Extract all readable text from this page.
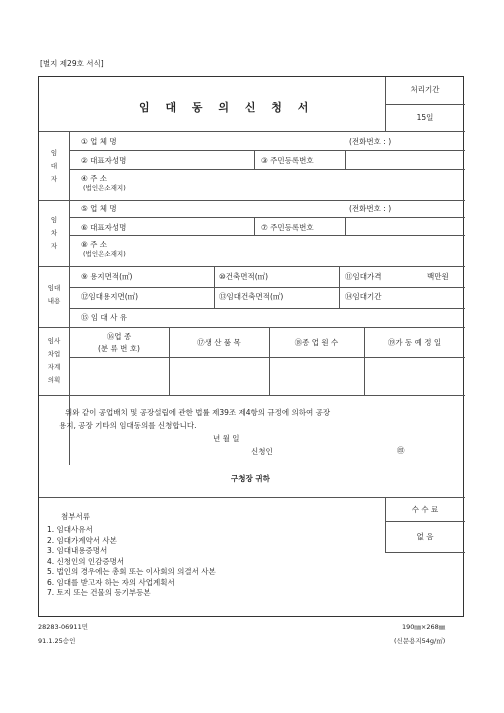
[별지 제29호 서식]
임 대 동 의 신 청 서
처리기간
15일
임
대
자
① 업 체 명	(전화번호 : )
② 대표자성명	③ 주민등록번호
④ 주 소
(법인은소재지)
임
차
자
⑤ 업 체 명	(전화번호 : )
⑥ 대표자성명	⑦ 주민등록번호
⑧ 주 소
(법인은소재지)
임대
내용
⑨ 용지면적(㎡)	⑩건축면적(㎡)	⑪임대가격	백만원
⑫임대용지면(㎡)	⑬임대건축면적(㎡)	⑭임대기간
⑮ 임 대 사 유
임사
차업
자계
의획
⑯업 종
(분 류 번 호)
⑰생 산 품 목	⑱종 업 원 수	⑲가 동 예 정 일
위와 같이 공업배치 및 공장설립에 관한 법률 제39조 제4항의 규정에 의하여 공장
용지, 공장 기타의 임대동의를 신청합니다.
년 월 일
신청인	㊞
구청장 귀하
첨부서류
1. 임대사유서
2. 임대가계약서 사본
3. 임대내용증명서
4. 신청인의 인감증명서
5. 법인의 경우에는 총회 또는 이사회의 의결서 사본
6. 임대를 받고자 하는 자의 사업계획서
7. 토지 또는 건물의 등기부등본
수 수 료
없 음
28283-06911민
91.1.25승인
190㎜×268㎜
(신문용지54g/㎡)
